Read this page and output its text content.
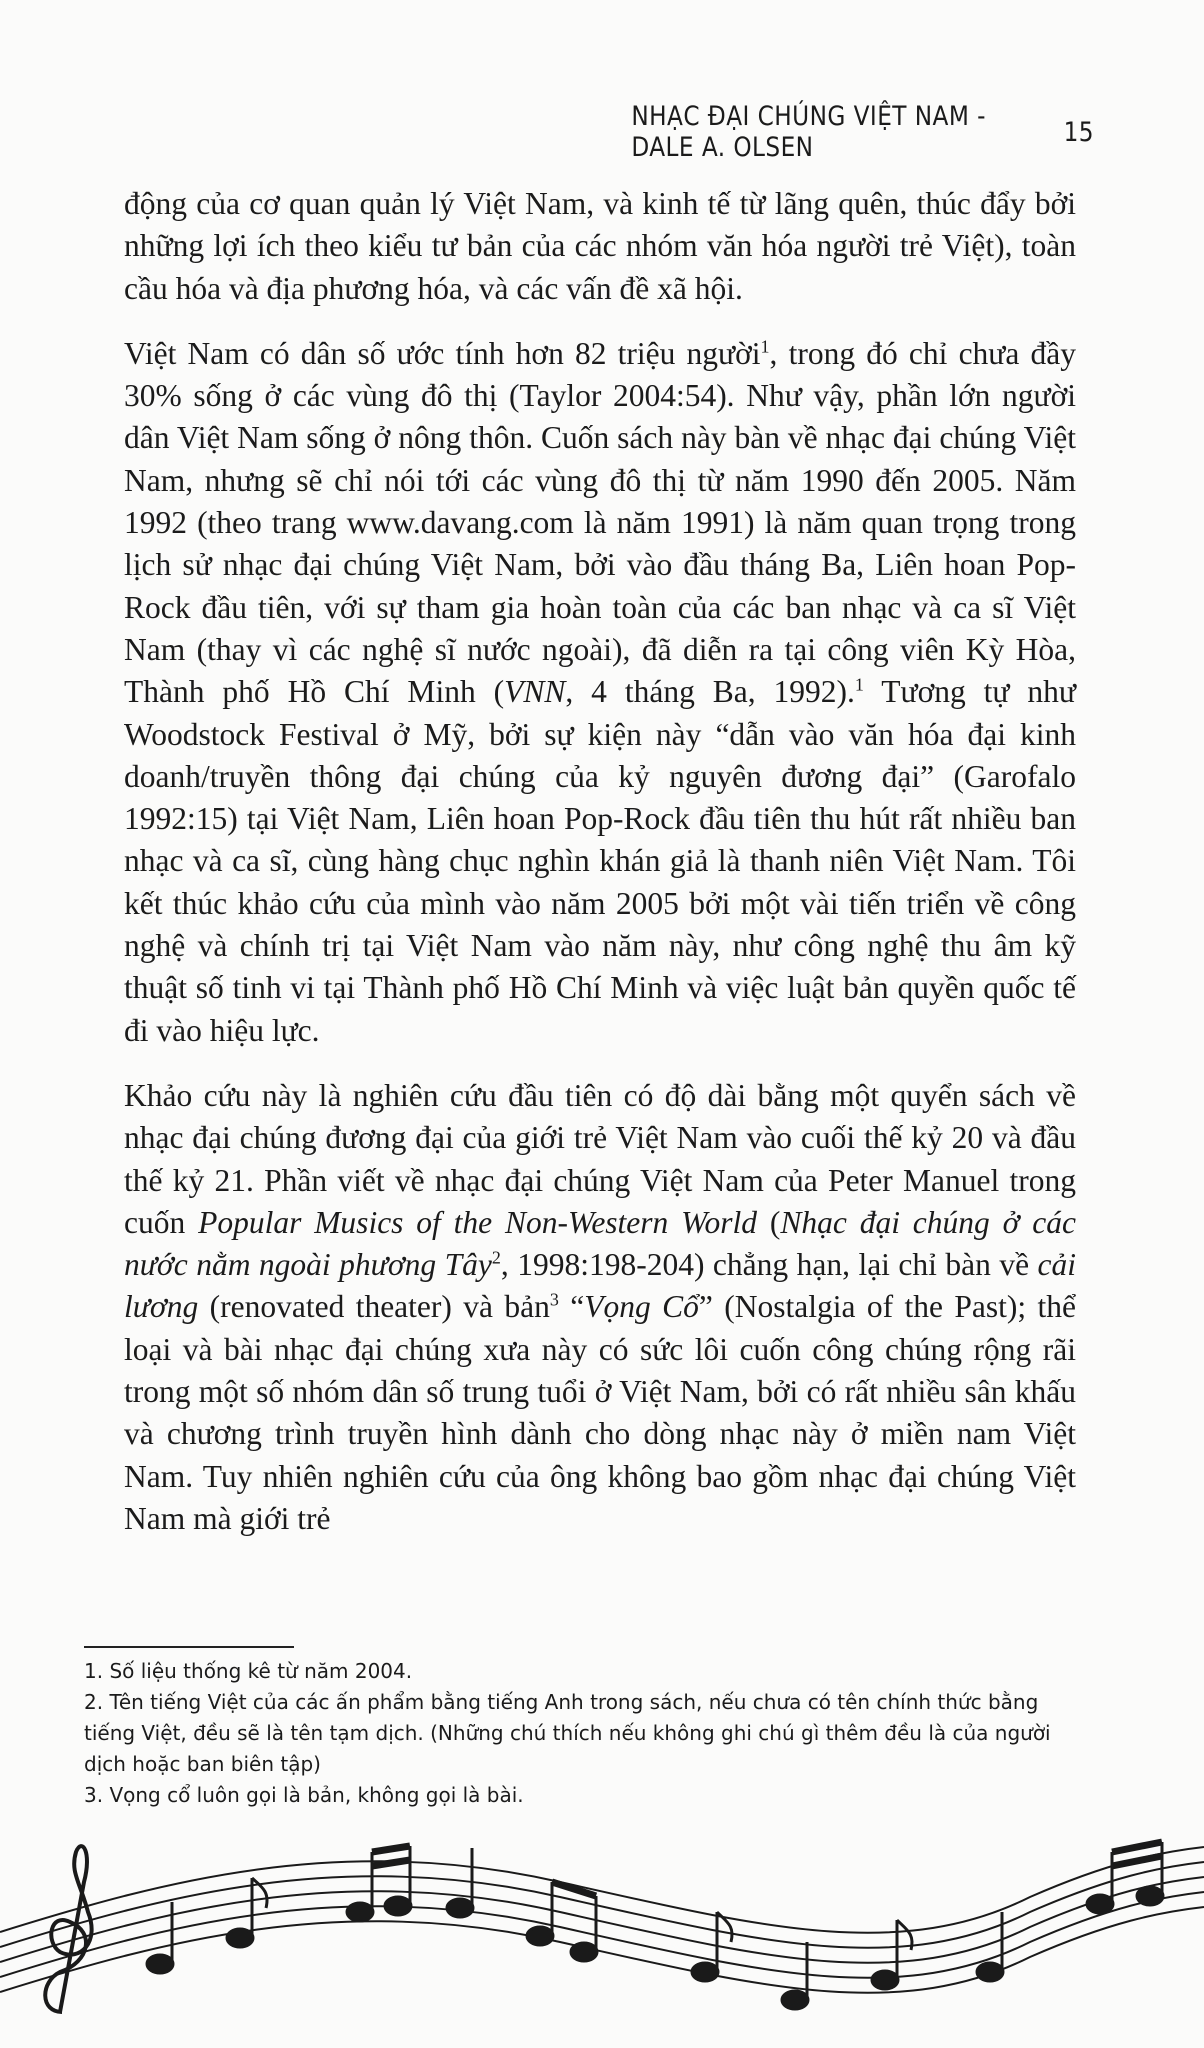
NHẠC ĐẠI CHÚNG VIỆT NAM - DALE A. OLSEN	15

động của cơ quan quản lý Việt Nam, và kinh tế từ lãng quên, thúc đẩy bởi những lợi ích theo kiểu tư bản của các nhóm văn hóa người trẻ Việt), toàn cầu hóa và địa phương hóa, và các vấn đề xã hội.

Việt Nam có dân số ước tính hơn 82 triệu người$^1$, trong đó chỉ chưa đầy 30% sống ở các vùng đô thị (Taylor 2004:54). Như vậy, phần lớn người dân Việt Nam sống ở nông thôn. Cuốn sách này bàn về nhạc đại chúng Việt Nam, nhưng sẽ chỉ nói tới các vùng đô thị từ năm 1990 đến 2005. Năm 1992 (theo trang www.davang.com là năm 1991) là năm quan trọng trong lịch sử nhạc đại chúng Việt Nam, bởi vào đầu tháng Ba, Liên hoan Pop-Rock đầu tiên, với sự tham gia hoàn toàn của các ban nhạc và ca sĩ Việt Nam (thay vì các nghệ sĩ nước ngoài), đã diễn ra tại công viên Kỳ Hòa, Thành phố Hồ Chí Minh (VNN, 4 tháng Ba, 1992).$^1$ Tương tự như Woodstock Festival ở Mỹ, bởi sự kiện này “dẫn vào văn hóa đại kinh doanh/truyền thông đại chúng của kỷ nguyên đương đại” (Garofalo 1992:15) tại Việt Nam, Liên hoan Pop-Rock đầu tiên thu hút rất nhiều ban nhạc và ca sĩ, cùng hàng chục nghìn khán giả là thanh niên Việt Nam. Tôi kết thúc khảo cứu của mình vào năm 2005 bởi một vài tiến triển về công nghệ và chính trị tại Việt Nam vào năm này, như công nghệ thu âm kỹ thuật số tinh vi tại Thành phố Hồ Chí Minh và việc luật bản quyền quốc tế đi vào hiệu lực.

Khảo cứu này là nghiên cứu đầu tiên có độ dài bằng một quyển sách về nhạc đại chúng đương đại của giới trẻ Việt Nam vào cuối thế kỷ 20 và đầu thế kỷ 21. Phần viết về nhạc đại chúng Việt Nam của Peter Manuel trong cuốn Popular Musics of the Non-Western World (Nhạc đại chúng ở các nước nằm ngoài phương Tây$^2$, 1998:198-204) chẳng hạn, lại chỉ bàn về cải lương (renovated theater) và bản$^3$ “Vọng Cổ” (Nostalgia of the Past); thể loại và bài nhạc đại chúng xưa này có sức lôi cuốn công chúng rộng rãi trong một số nhóm dân số trung tuổi ở Việt Nam, bởi có rất nhiều sân khấu và chương trình truyền hình dành cho dòng nhạc này ở miền nam Việt Nam. Tuy nhiên nghiên cứu của ông không bao gồm nhạc đại chúng Việt Nam mà giới trẻ

1. Số liệu thống kê từ năm 2004.

2. Tên tiếng Việt của các ấn phẩm bằng tiếng Anh trong sách, nếu chưa có tên chính thức bằng tiếng Việt, đều sẽ là tên tạm dịch. (Những chú thích nếu không ghi chú gì thêm đều là của người dịch hoặc ban biên tập)

3. Vọng cổ luôn gọi là bản, không gọi là bài.
